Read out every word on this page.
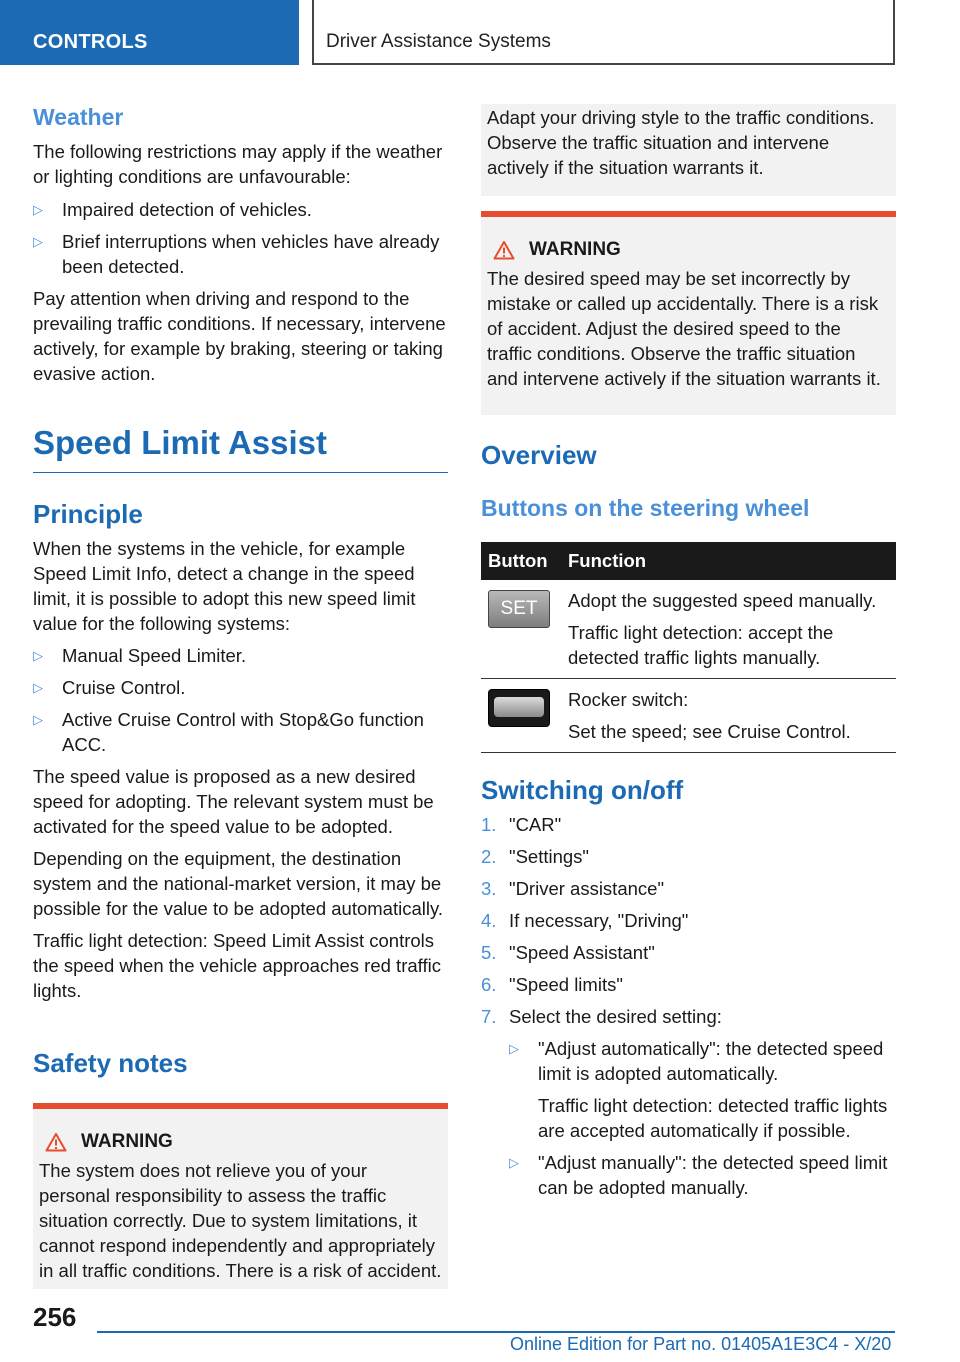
CONTROLS	Driver Assistance Systems

Weather

The following restrictions may apply if the weather or lighting conditions are unfavourable:

▷	Impaired detection of vehicles.
▷	Brief interruptions when vehicles have already been detected.

Pay attention when driving and respond to the prevailing traffic conditions. If necessary, intervene actively, for example by braking, steering or taking evasive action.

Speed Limit Assist

Principle

When the systems in the vehicle, for example Speed Limit Info, detect a change in the speed limit, it is possible to adopt this new speed limit value for the following systems:

▷	Manual Speed Limiter.
▷	Cruise Control.
▷	Active Cruise Control with Stop&Go function ACC.

The speed value is proposed as a new desired speed for adopting. The relevant system must be activated for the speed value to be adopted.

Depending on the equipment, the destination system and the national-market version, it may be possible for the value to be adopted automatically.

Traffic light detection: Speed Limit Assist controls the speed when the vehicle approaches red traffic lights.

Safety notes

WARNING

The system does not relieve you of your personal responsibility to assess the traffic situation correctly. Due to system limitations, it cannot respond independently and appropriately in all traffic conditions. There is a risk of accident.

Adapt your driving style to the traffic conditions. Observe the traffic situation and intervene actively if the situation warrants it.

WARNING

The desired speed may be set incorrectly by mistake or called up accidentally. There is a risk of accident. Adjust the desired speed to the traffic conditions. Observe the traffic situation and intervene actively if the situation warrants it.

Overview

Buttons on the steering wheel

Button	Function

SET	Adopt the suggested speed manually.
Traffic light detection: accept the detected traffic lights manually.

	Rocker switch:
Set the speed; see Cruise Control.

Switching on/off

1. "CAR"
2. "Settings"
3. "Driver assistance"
4. If necessary, "Driving"
5. "Speed Assistant"
6. "Speed limits"
7. Select the desired setting:
▷	"Adjust automatically": the detected speed limit is adopted automatically.
Traffic light detection: detected traffic lights are accepted automatically if possible.
▷	"Adjust manually": the detected speed limit can be adopted manually.
256
Online Edition for Part no. 01405A1E3C4 - X/20
